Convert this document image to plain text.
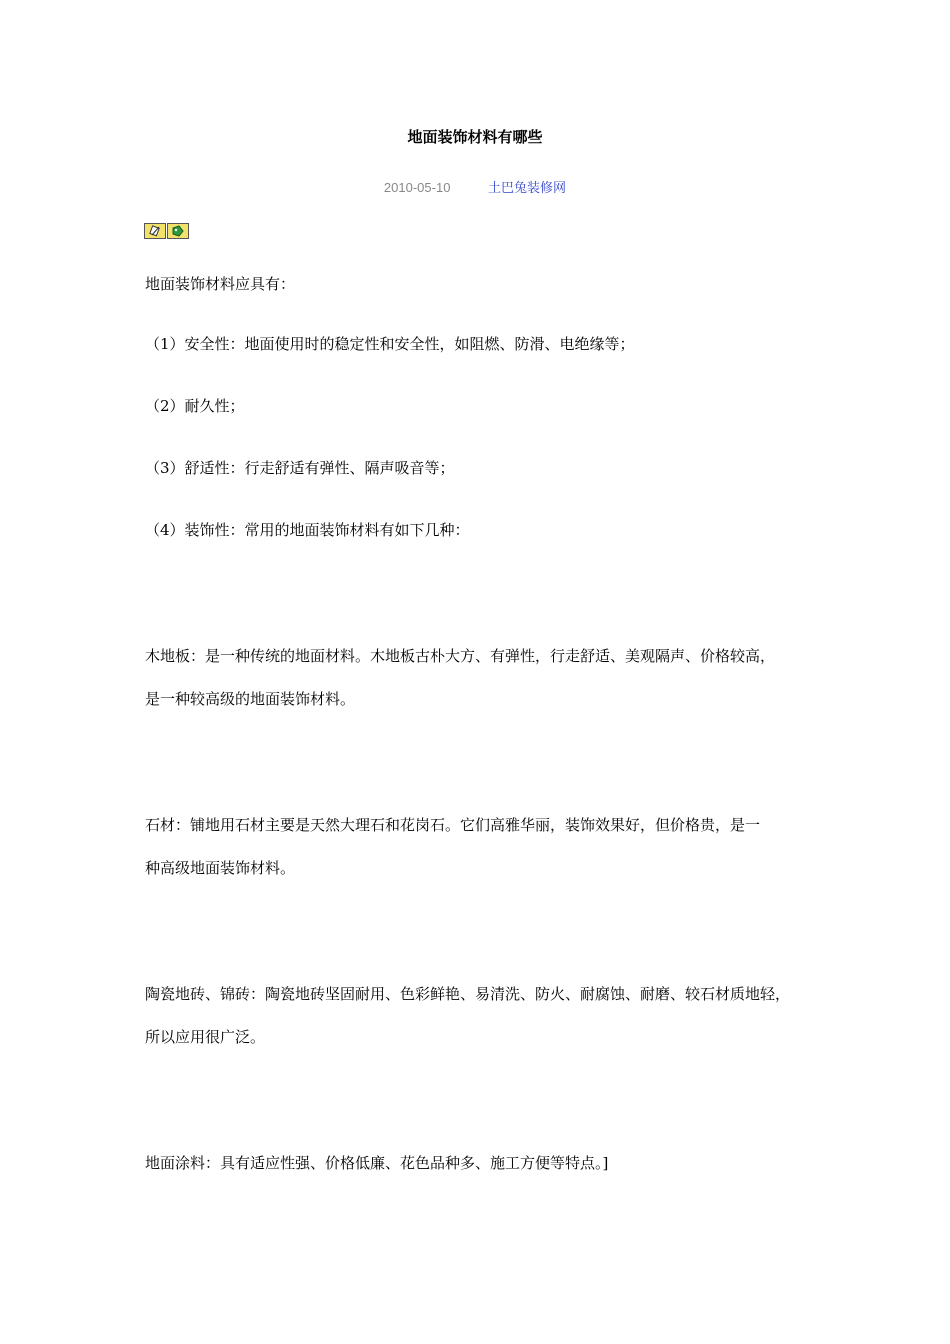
地面装饰材料有哪些
2010-05-10	土巴兔装修网
地面装饰材料应具有：
（1）安全性：地面使用时的稳定性和安全性，如阻燃、防滑、电绝缘等；
（2）耐久性；
（3）舒适性：行走舒适有弹性、隔声吸音等；
（4）装饰性：常用的地面装饰材料有如下几种：
木地板：是一种传统的地面材料。木地板古朴大方、有弹性，行走舒适、美观隔声、价格较高，
是一种较高级的地面装饰材料。
石材：铺地用石材主要是天然大理石和花岗石。它们高雅华丽，装饰效果好，但价格贵，是一
种高级地面装饰材料。
陶瓷地砖、锦砖：陶瓷地砖坚固耐用、色彩鲜艳、易清洗、防火、耐腐蚀、耐磨、较石材质地轻，
所以应用很广泛。
地面涂料：具有适应性强、价格低廉、花色品种多、施工方便等特点。]
